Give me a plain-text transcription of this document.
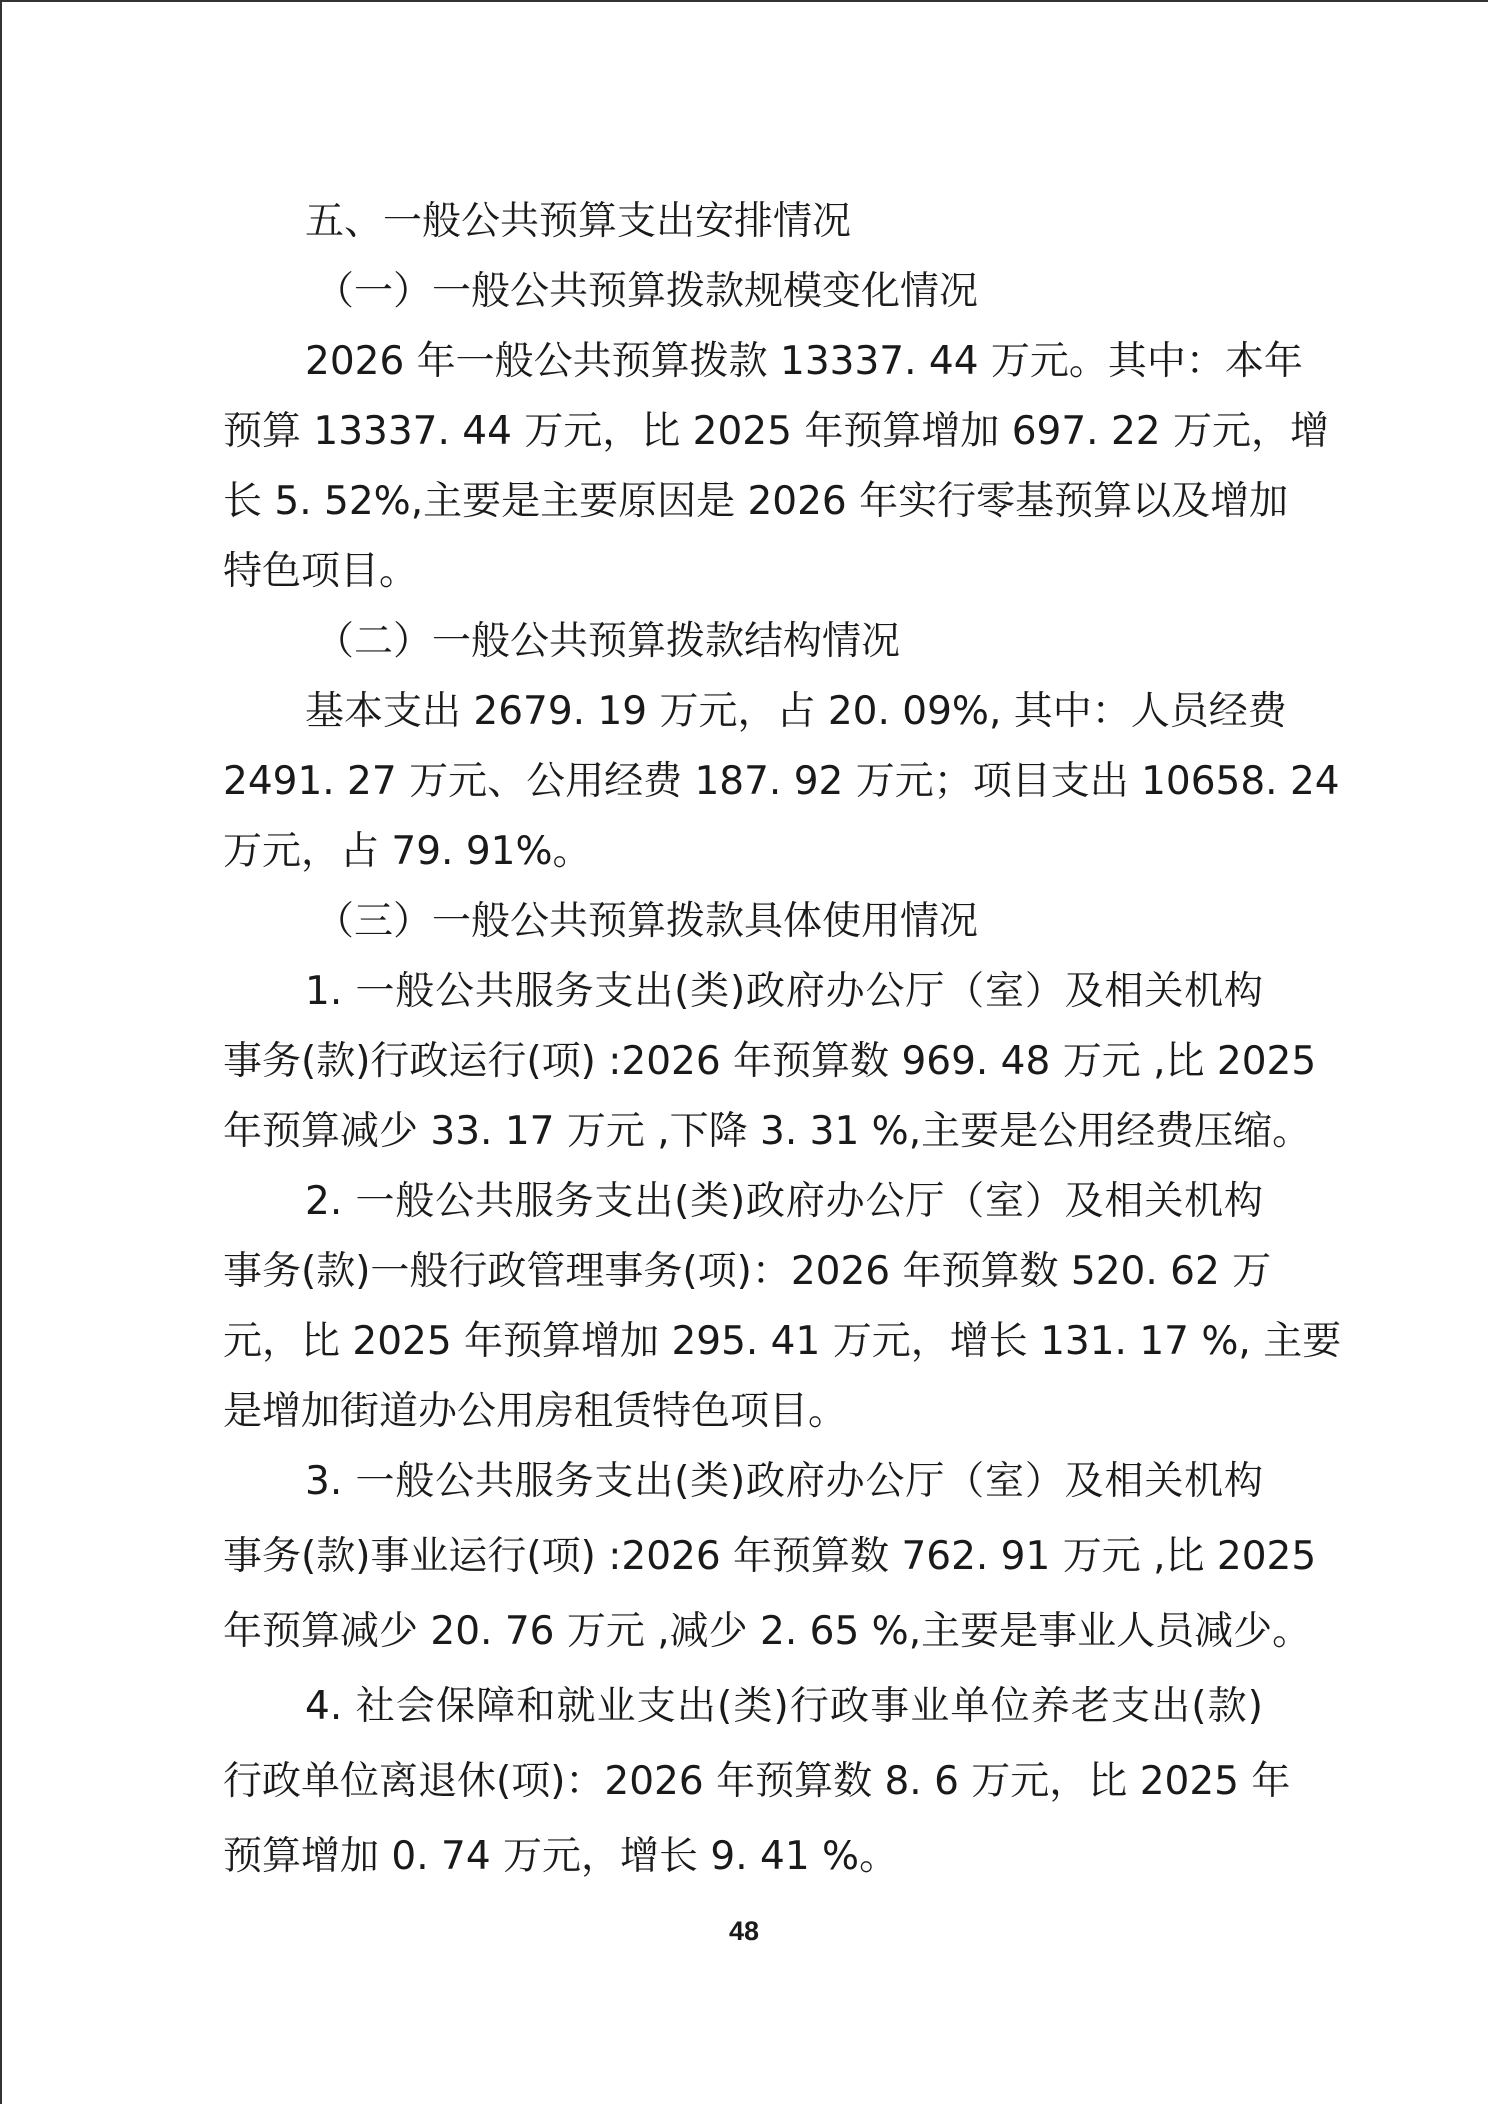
五、一般公共预算支出安排情况
（一）一般公共预算拨款规模变化情况
2026 年一般公共预算拨款 13337. 44 万元。其中：本年
预算 13337. 44 万元，比 2025 年预算增加 697. 22 万元，增
长 5. 52%,主要是主要原因是 2026 年实行零基预算以及增加
特色项目。
（二）一般公共预算拨款结构情况
基本支出 2679. 19 万元，占 20. 09%, 其中：人员经费
2491. 27 万元、公用经费 187. 92 万元；项目支出 10658. 24
万元，占 79. 91%。
（三）一般公共预算拨款具体使用情况
1. 一般公共服务支出(类)政府办公厅（室）及相关机构
事务(款)行政运行(项) :2026 年预算数 969. 48 万元 ,比 2025
年预算减少 33. 17 万元 ,下降 3. 31 %,主要是公用经费压缩。
2. 一般公共服务支出(类)政府办公厅（室）及相关机构
事务(款)一般行政管理事务(项)：2026 年预算数 520. 62 万
元，比 2025 年预算增加 295. 41 万元，增长 131. 17 %, 主要
是增加街道办公用房租赁特色项目。
3. 一般公共服务支出(类)政府办公厅（室）及相关机构
事务(款)事业运行(项) :2026 年预算数 762. 91 万元 ,比 2025
年预算减少 20. 76 万元 ,减少 2. 65 %,主要是事业人员减少。
4. 社会保障和就业支出(类)行政事业单位养老支出(款)
行政单位离退休(项)：2026 年预算数 8. 6 万元，比 2025 年
预算增加 0. 74 万元，增长 9. 41 %。
48
